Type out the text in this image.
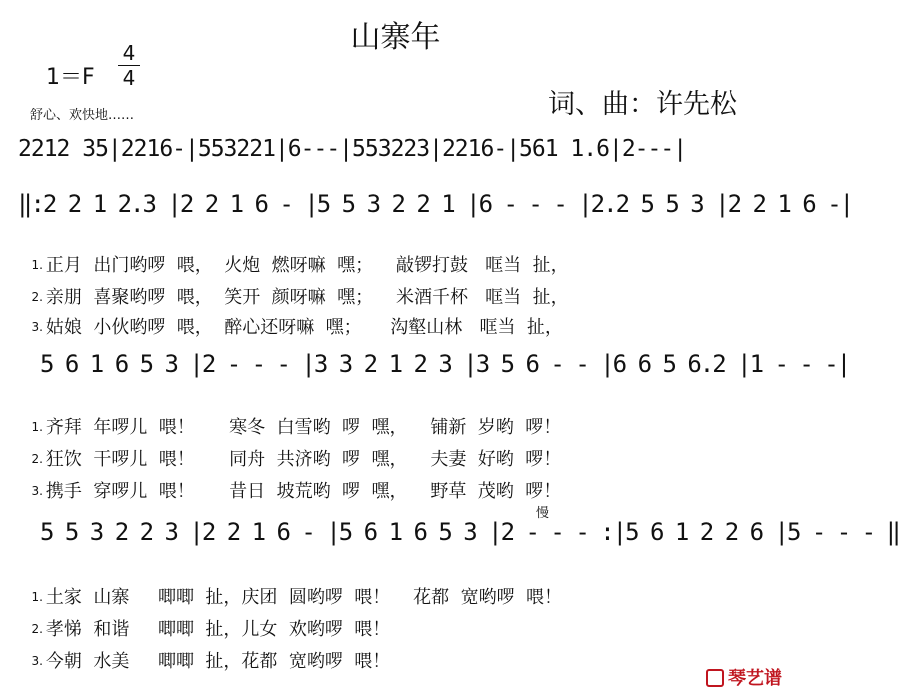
山寨年
1＝F
4
4
词、曲：许先松
舒心、欢快地……
2212 35|2216-|553221|6---|553223|2216-|561 1.6|2---|
‖:2 2 1 2.3 |2 2 1 6 - |5 5 3 2 2 1 |6 - - - |2.2 5 5 3 |2 2 1 6 -|

1. 正月  出门哟啰  喂，  火炮  燃呀嘛  嘿；    敲锣打鼓   哐当  扯，

2. 亲朋  喜聚哟啰  喂，  笑开  颜呀嘛  嘿；    米酒千杯   哐当  扯，

3. 姑娘  小伙哟啰  喂，  醉心还呀嘛  嘿；     沟壑山林   哐当  扯，

5 6 1 6 5 3 |2 - - - |3 3 2 1 2 3 |3 5 6 - - |6 6 5 6.2 |1 - - -|

1. 齐拜  年啰儿  喂！      寒冬  白雪哟  啰  嘿，    铺新  岁哟  啰！

2. 狂饮  干啰儿  喂！      同舟  共济哟  啰  嘿，    夫妻  好哟  啰！

3. 携手  穿啰儿  喂！      昔日  坡荒哟  啰  嘿，    野草  茂哟  啰！

慢
5 5 3 2 2 3 |2 2 1 6 - |5 6 1 6 5 3 |2 - - - :|5 6 1 2 2 6 |5 - - - ‖

1. 土家  山寨     唧唧  扯，庆团  圆哟啰  喂！    花都  宽哟啰  喂！

2. 孝悌  和谐     唧唧  扯，儿女  欢哟啰  喂！

3. 今朝  水美     唧唧  扯，花都  宽哟啰  喂！

琴艺谱
